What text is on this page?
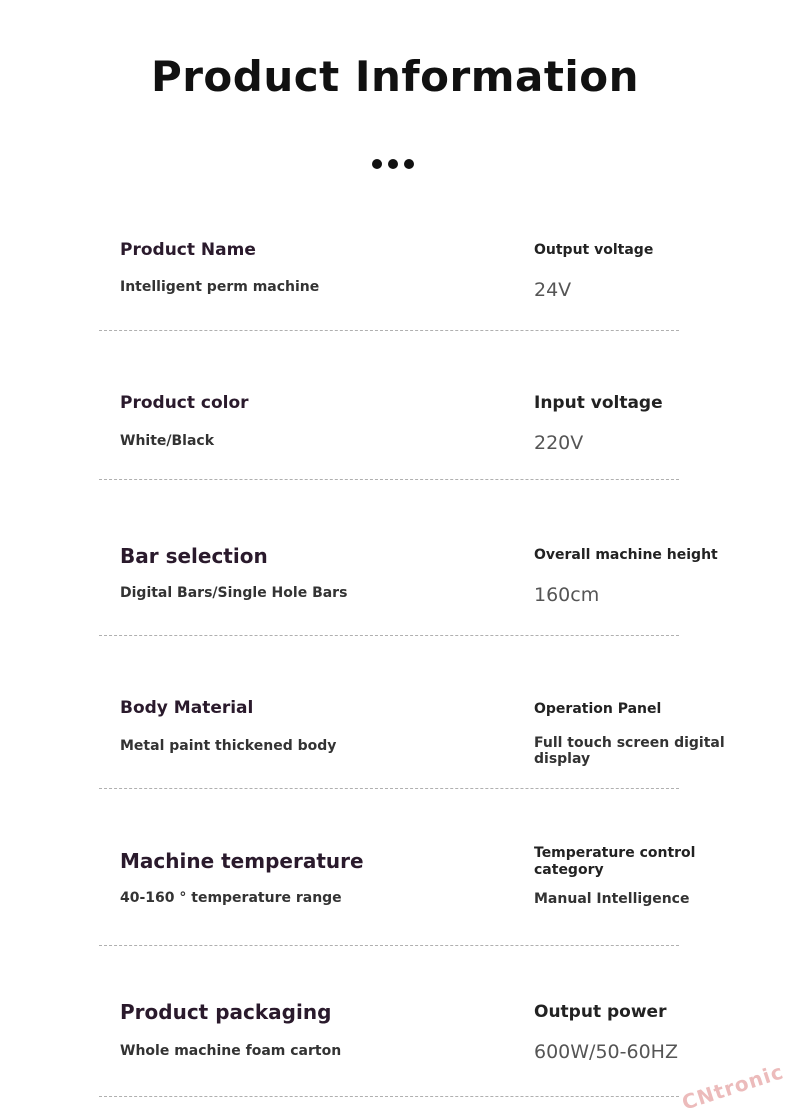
Product Information
Product Name
Intelligent perm machine
Output voltage
24V
Product color
White/Black
Input voltage
220V
Bar selection
Digital Bars/Single Hole Bars
Overall machine height
160cm
Body Material
Metal paint thickened body
Operation Panel
Full touch screen digital display
Machine temperature
40-160 ° temperature range
Temperature control category
Manual Intelligence
Product packaging
Whole machine foam carton
Output power
600W/50-60HZ
CNtronic
